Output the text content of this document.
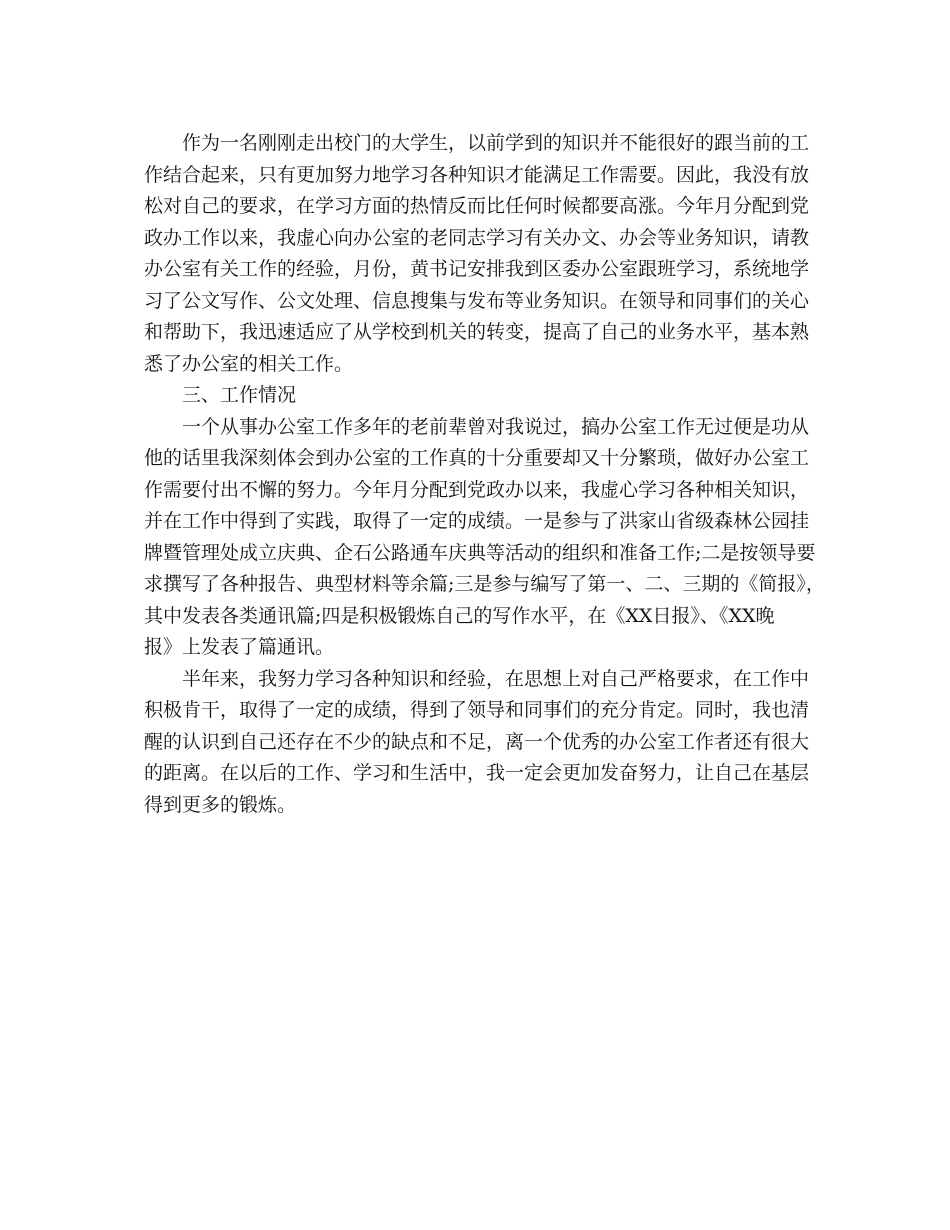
作为一名刚刚走出校门的大学生，以前学到的知识并不能很好的跟当前的工
作结合起来，只有更加努力地学习各种知识才能满足工作需要。因此，我没有放
松对自己的要求，在学习方面的热情反而比任何时候都要高涨。今年月分配到党
政办工作以来，我虚心向办公室的老同志学习有关办文、办会等业务知识，请教
办公室有关工作的经验，月份，黄书记安排我到区委办公室跟班学习，系统地学
习了公文写作、公文处理、信息搜集与发布等业务知识。在领导和同事们的关心
和帮助下，我迅速适应了从学校到机关的转变，提高了自己的业务水平，基本熟
悉了办公室的相关工作。
三、工作情况
一个从事办公室工作多年的老前辈曾对我说过，搞办公室工作无过便是功从
他的话里我深刻体会到办公室的工作真的十分重要却又十分繁琐，做好办公室工
作需要付出不懈的努力。今年月分配到党政办以来，我虚心学习各种相关知识，
并在工作中得到了实践，取得了一定的成绩。一是参与了洪家山省级森林公园挂
牌暨管理处成立庆典、企石公路通车庆典等活动的组织和准备工作;二是按领导要
求撰写了各种报告、典型材料等余篇;三是参与编写了第一、二、三期的《简报》，
其中发表各类通讯篇;四是积极锻炼自己的写作水平，在《XX日报》、《XX晚
报》上发表了篇通讯。
半年来，我努力学习各种知识和经验，在思想上对自己严格要求，在工作中
积极肯干，取得了一定的成绩，得到了领导和同事们的充分肯定。同时，我也清
醒的认识到自己还存在不少的缺点和不足，离一个优秀的办公室工作者还有很大
的距离。在以后的工作、学习和生活中，我一定会更加发奋努力，让自己在基层
得到更多的锻炼。
